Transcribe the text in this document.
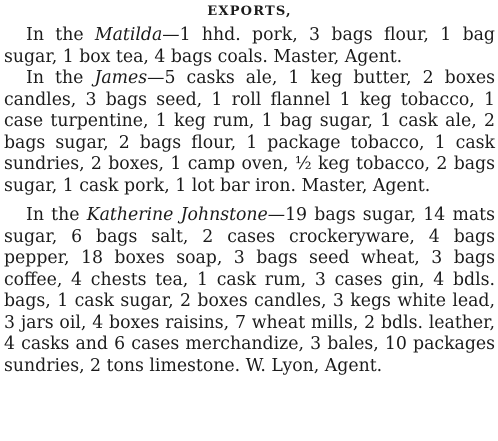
EXPORTS,

In the Matilda—1 hhd. pork, 3 bags flour, 1 bag sugar, 1 box tea, 4 bags coals. Master, Agent.

In the James—5 casks ale, 1 keg butter, 2 boxes candles, 3 bags seed, 1 roll flannel 1 keg tobacco, 1 case turpentine, 1 keg rum, 1 bag sugar, 1 cask ale, 2 bags sugar, 2 bags flour, 1 package tobacco, 1 cask sundries, 2 boxes, 1 camp oven, ½ keg tobacco, 2 bags sugar, 1 cask pork, 1 lot bar iron. Master, Agent.

In the Katherine Johnstone—19 bags sugar, 14 mats sugar, 6 bags salt, 2 cases crockeryware, 4 bags pepper, 18 boxes soap, 3 bags seed wheat, 3 bags coffee, 4 chests tea, 1 cask rum, 3 cases gin, 4 bdls. bags, 1 cask sugar, 2 boxes candles, 3 kegs white lead, 3 jars oil, 4 boxes raisins, 7 wheat mills, 2 bdls. leather, 4 casks and 6 cases merchandize, 3 bales, 10 packages sundries, 2 tons limestone. W. Lyon, Agent.
